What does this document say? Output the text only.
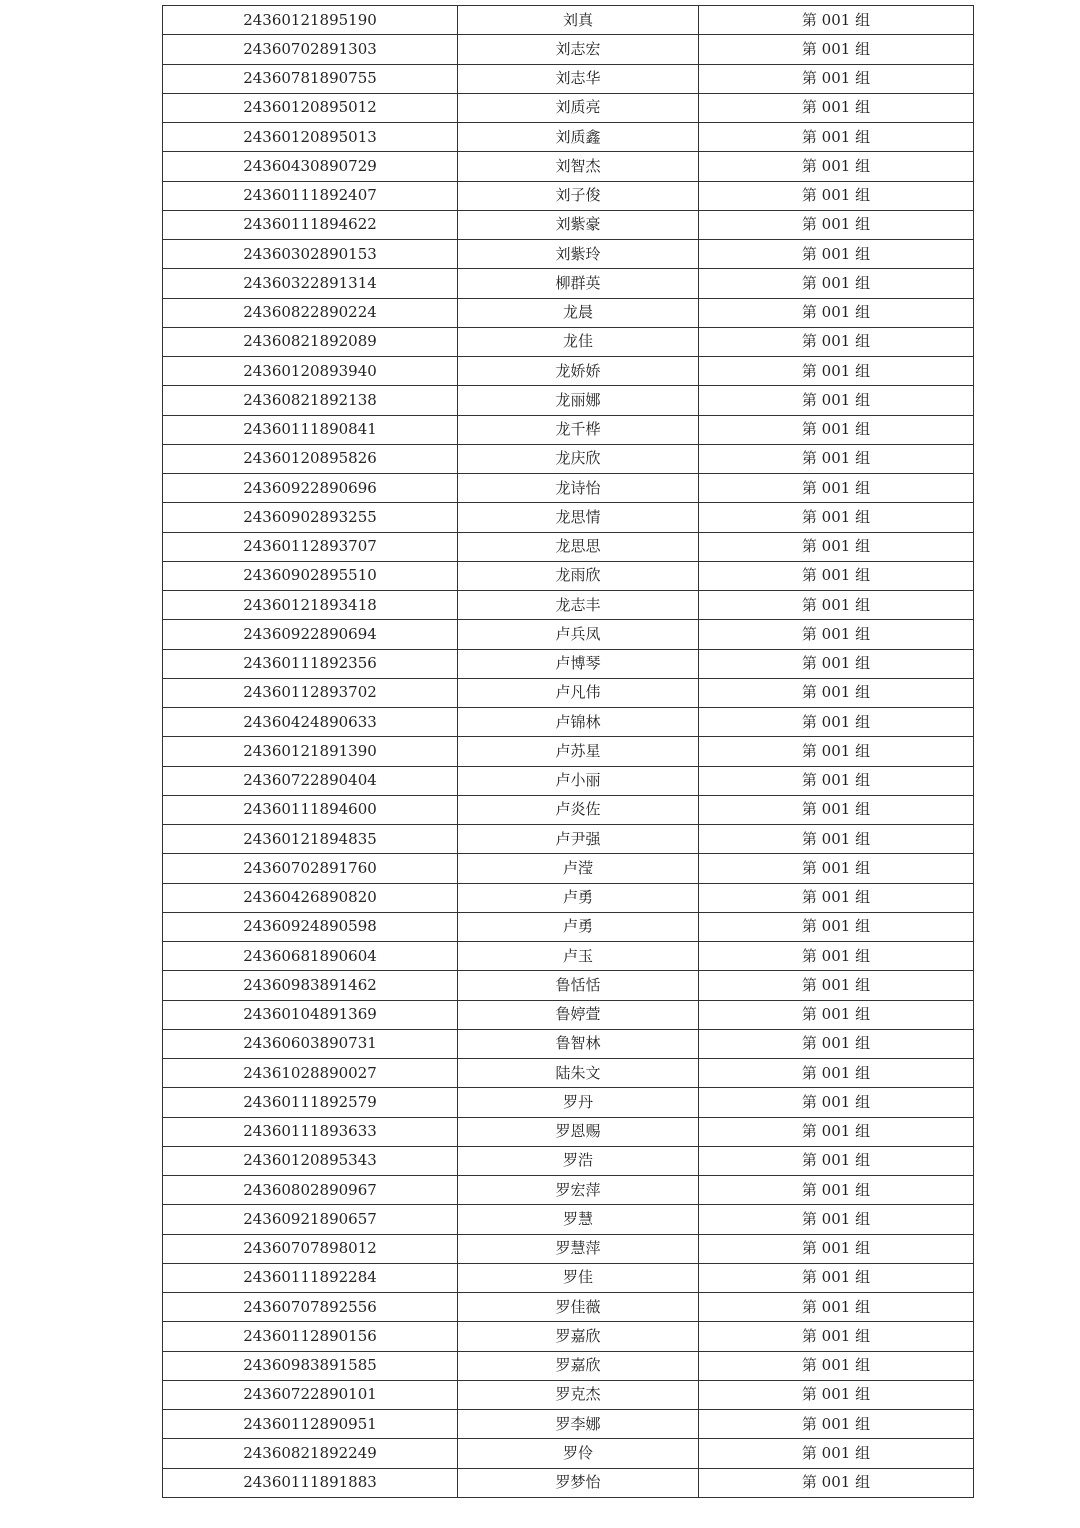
24360121895190	刘真	第 001 组
24360702891303	刘志宏	第 001 组
24360781890755	刘志华	第 001 组
24360120895012	刘质亮	第 001 组
24360120895013	刘质鑫	第 001 组
24360430890729	刘智杰	第 001 组
24360111892407	刘子俊	第 001 组
24360111894622	刘紫豪	第 001 组
24360302890153	刘紫玲	第 001 组
24360322891314	柳群英	第 001 组
24360822890224	龙晨	第 001 组
24360821892089	龙佳	第 001 组
24360120893940	龙娇娇	第 001 组
24360821892138	龙丽娜	第 001 组
24360111890841	龙千桦	第 001 组
24360120895826	龙庆欣	第 001 组
24360922890696	龙诗怡	第 001 组
24360902893255	龙思情	第 001 组
24360112893707	龙思思	第 001 组
24360902895510	龙雨欣	第 001 组
24360121893418	龙志丰	第 001 组
24360922890694	卢兵凤	第 001 组
24360111892356	卢博琴	第 001 组
24360112893702	卢凡伟	第 001 组
24360424890633	卢锦林	第 001 组
24360121891390	卢苏星	第 001 组
24360722890404	卢小丽	第 001 组
24360111894600	卢炎佐	第 001 组
24360121894835	卢尹强	第 001 组
24360702891760	卢滢	第 001 组
24360426890820	卢勇	第 001 组
24360924890598	卢勇	第 001 组
24360681890604	卢玉	第 001 组
24360983891462	鲁恬恬	第 001 组
24360104891369	鲁婷萱	第 001 组
24360603890731	鲁智林	第 001 组
24361028890027	陆朱文	第 001 组
24360111892579	罗丹	第 001 组
24360111893633	罗恩赐	第 001 组
24360120895343	罗浩	第 001 组
24360802890967	罗宏萍	第 001 组
24360921890657	罗慧	第 001 组
24360707898012	罗慧萍	第 001 组
24360111892284	罗佳	第 001 组
24360707892556	罗佳薇	第 001 组
24360112890156	罗嘉欣	第 001 组
24360983891585	罗嘉欣	第 001 组
24360722890101	罗克杰	第 001 组
24360112890951	罗李娜	第 001 组
24360821892249	罗伶	第 001 组
24360111891883	罗梦怡	第 001 组
